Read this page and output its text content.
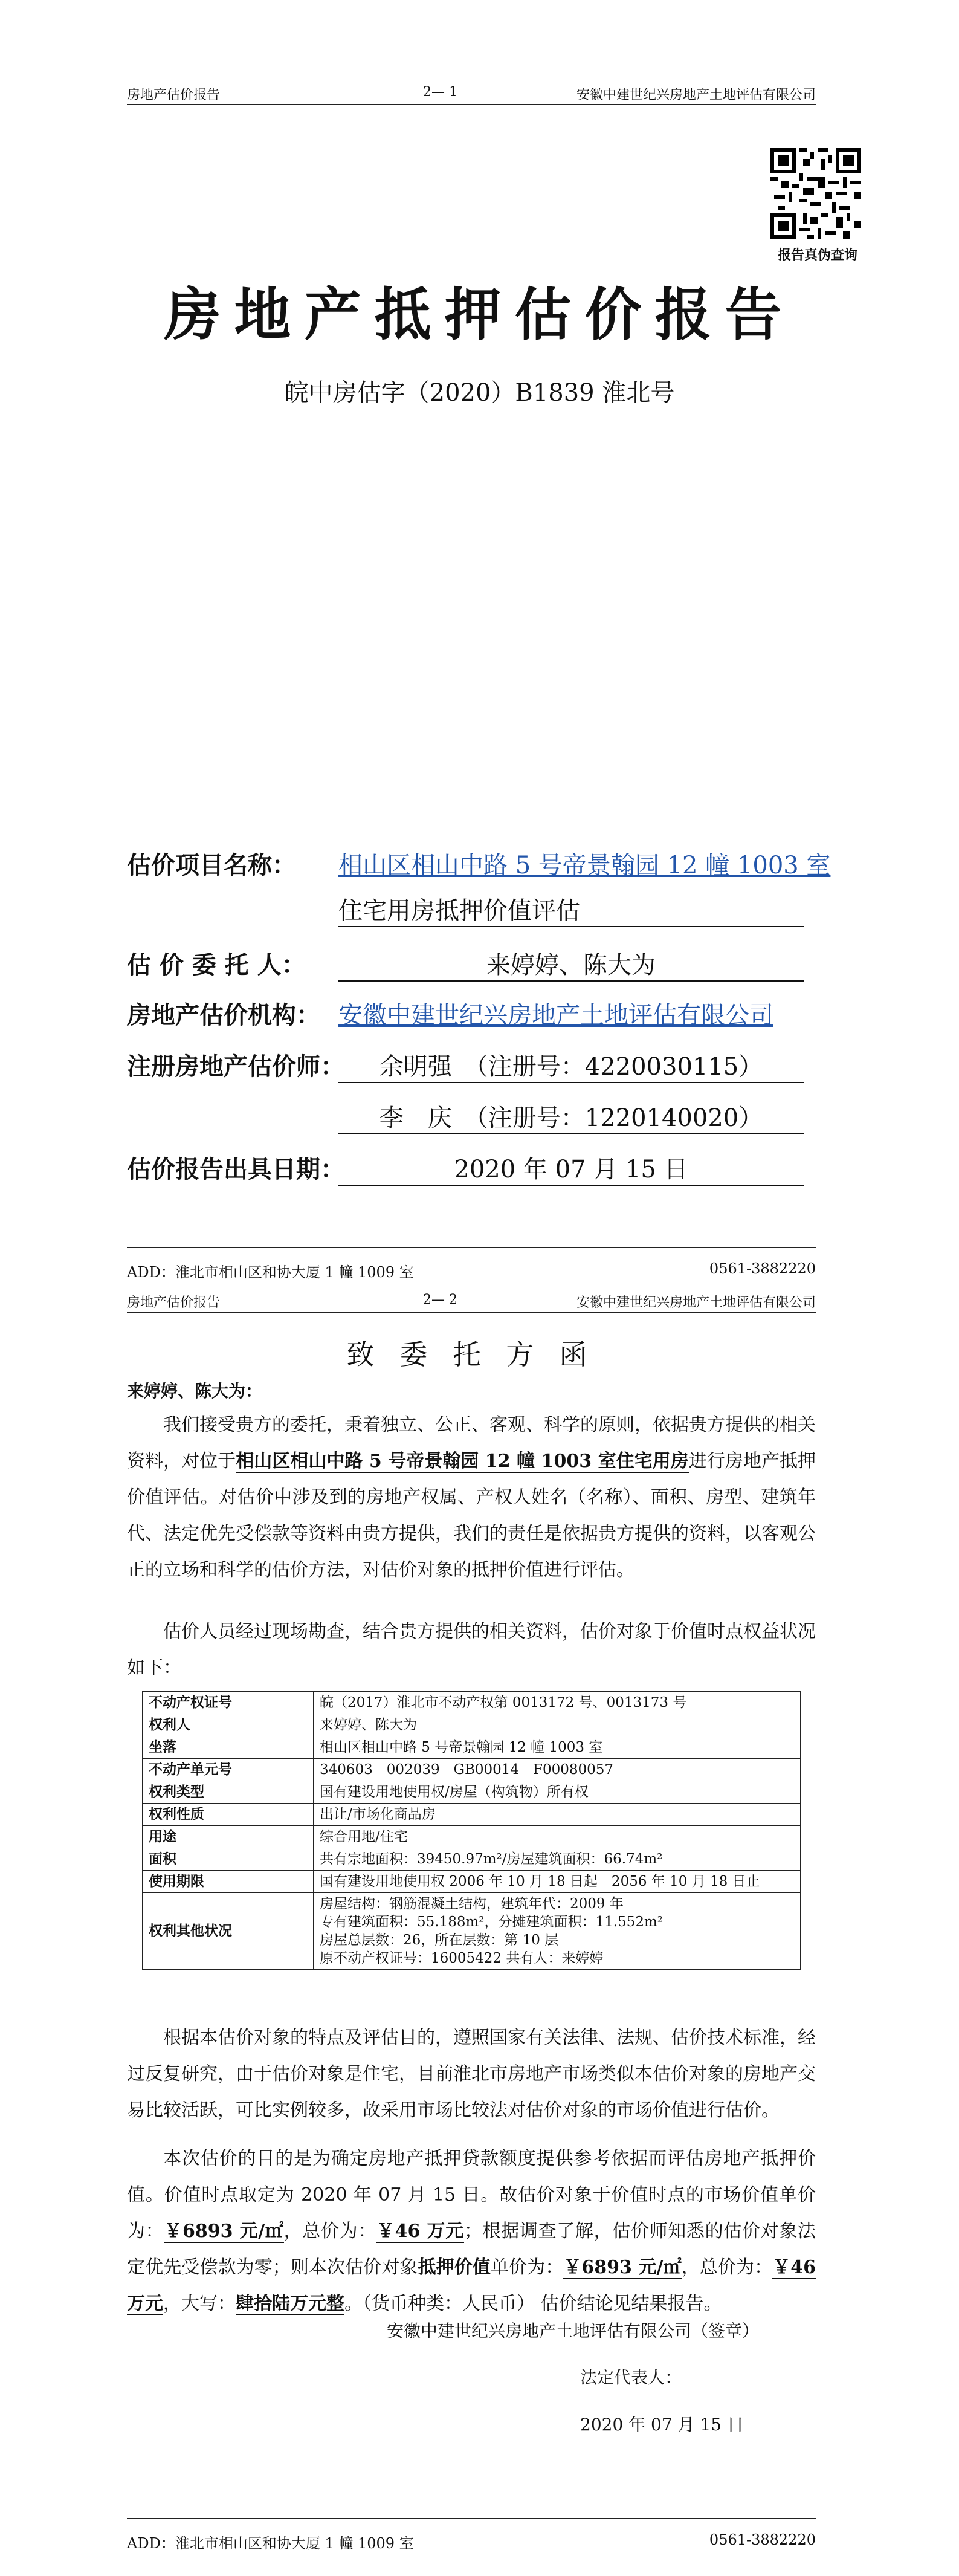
房地产估价报告	2— 1	安徽中建世纪兴房地产土地评估有限公司
报告真伪查询
房地产抵押估价报告
皖中房估字（2020）B1839 淮北号
估价项目名称： 相山区相山中路 5 号帝景翰园 12 幢 1003 室
住宅用房抵押价值评估
估 价 委 托 人：	来婷婷、陈大为
房地产估价机构： 安徽中建世纪兴房地产土地评估有限公司
注册房地产估价师：	余明强　（注册号：4220030115）
李　庆　（注册号：1220140020）
估价报告出具日期：	2020 年 07 月 15 日
ADD：淮北市相山区和协大厦 1 幢 1009 室	0561-3882220
房地产估价报告	2— 2	安徽中建世纪兴房地产土地评估有限公司
致委托方函
来婷婷、陈大为：
我们接受贵方的委托，秉着独立、公正、客观、科学的原则，依据贵方提供的相关资料，对位于相山区相山中路 5 号帝景翰园 12 幢 1003 室住宅用房进行房地产抵押价值评估。对估价中涉及到的房地产权属、产权人姓名（名称）、面积、房型、建筑年代、法定优先受偿款等资料由贵方提供，我们的责任是依据贵方提供的资料，以客观公正的立场和科学的估价方法，对估价对象的抵押价值进行评估。
估价人员经过现场勘查，结合贵方提供的相关资料，估价对象于价值时点权益状况如下：
不动产权证号	皖（2017）淮北市不动产权第 0013172 号、0013173 号

权利人	来婷婷、陈大为

坐落	相山区相山中路 5 号帝景翰园 12 幢 1003 室

不动产单元号	340603　002039　GB00014　F00080057

权利类型	国有建设用地使用权/房屋（构筑物）所有权

权利性质	出让/市场化商品房

用途	综合用地/住宅

面积	共有宗地面积：39450.97m²/房屋建筑面积：66.74m²

使用期限	国有建设用地使用权 2006 年 10 月 18 日起　2056 年 10 月 18 日止

权利其他状况	房屋结构：钢筋混凝土结构，建筑年代：2009 年
专有建筑面积：55.188m²，分摊建筑面积：11.552m²
房屋总层数：26，所在层数：第 10 层
原不动产权证号：16005422 共有人：来婷婷
根据本估价对象的特点及评估目的，遵照国家有关法律、法规、估价技术标准，经过反复研究，由于估价对象是住宅，目前淮北市房地产市场类似本估价对象的房地产交易比较活跃，可比实例较多，故采用市场比较法对估价对象的市场价值进行估价。
本次估价的目的是为确定房地产抵押贷款额度提供参考依据而评估房地产抵押价值。价值时点取定为 2020 年 07 月 15 日。故估价对象于价值时点的市场价值单价为：￥6893 元/㎡，总价为：￥46 万元；根据调查了解，估价师知悉的估价对象法定优先受偿款为零；则本次估价对象抵押价值单价为：￥6893 元/㎡，总价为：￥46 万元，大写：肆拾陆万元整。（货币种类：人民币） 估价结论见结果报告。
安徽中建世纪兴房地产土地评估有限公司（签章）
法定代表人：
2020 年 07 月 15 日
ADD：淮北市相山区和协大厦 1 幢 1009 室	0561-3882220
